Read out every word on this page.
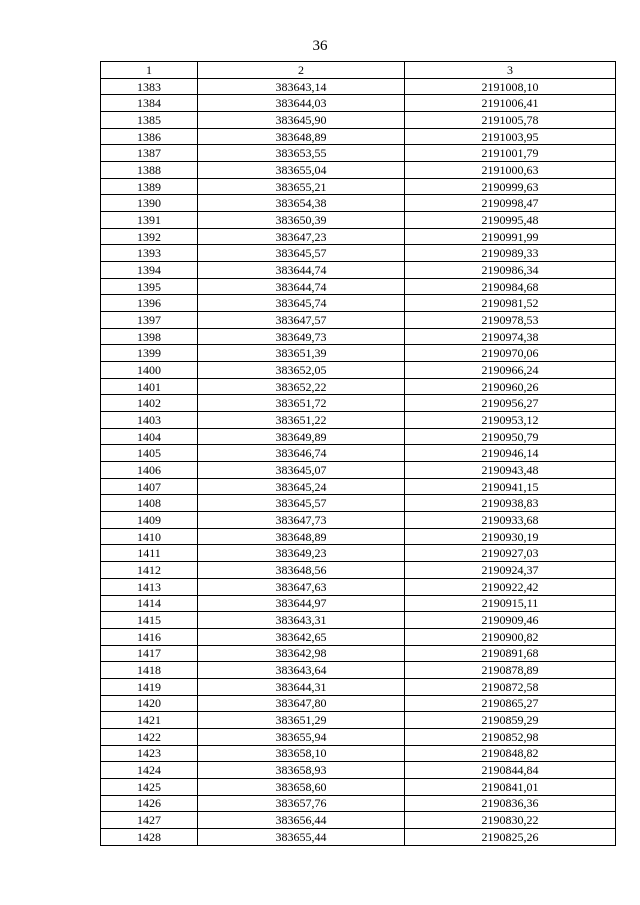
36
1	2	3
1383	383643,14	2191008,10
1384	383644,03	2191006,41
1385	383645,90	2191005,78
1386	383648,89	2191003,95
1387	383653,55	2191001,79
1388	383655,04	2191000,63
1389	383655,21	2190999,63
1390	383654,38	2190998,47
1391	383650,39	2190995,48
1392	383647,23	2190991,99
1393	383645,57	2190989,33
1394	383644,74	2190986,34
1395	383644,74	2190984,68
1396	383645,74	2190981,52
1397	383647,57	2190978,53
1398	383649,73	2190974,38
1399	383651,39	2190970,06
1400	383652,05	2190966,24
1401	383652,22	2190960,26
1402	383651,72	2190956,27
1403	383651,22	2190953,12
1404	383649,89	2190950,79
1405	383646,74	2190946,14
1406	383645,07	2190943,48
1407	383645,24	2190941,15
1408	383645,57	2190938,83
1409	383647,73	2190933,68
1410	383648,89	2190930,19
1411	383649,23	2190927,03
1412	383648,56	2190924,37
1413	383647,63	2190922,42
1414	383644,97	2190915,11
1415	383643,31	2190909,46
1416	383642,65	2190900,82
1417	383642,98	2190891,68
1418	383643,64	2190878,89
1419	383644,31	2190872,58
1420	383647,80	2190865,27
1421	383651,29	2190859,29
1422	383655,94	2190852,98
1423	383658,10	2190848,82
1424	383658,93	2190844,84
1425	383658,60	2190841,01
1426	383657,76	2190836,36
1427	383656,44	2190830,22
1428	383655,44	2190825,26
